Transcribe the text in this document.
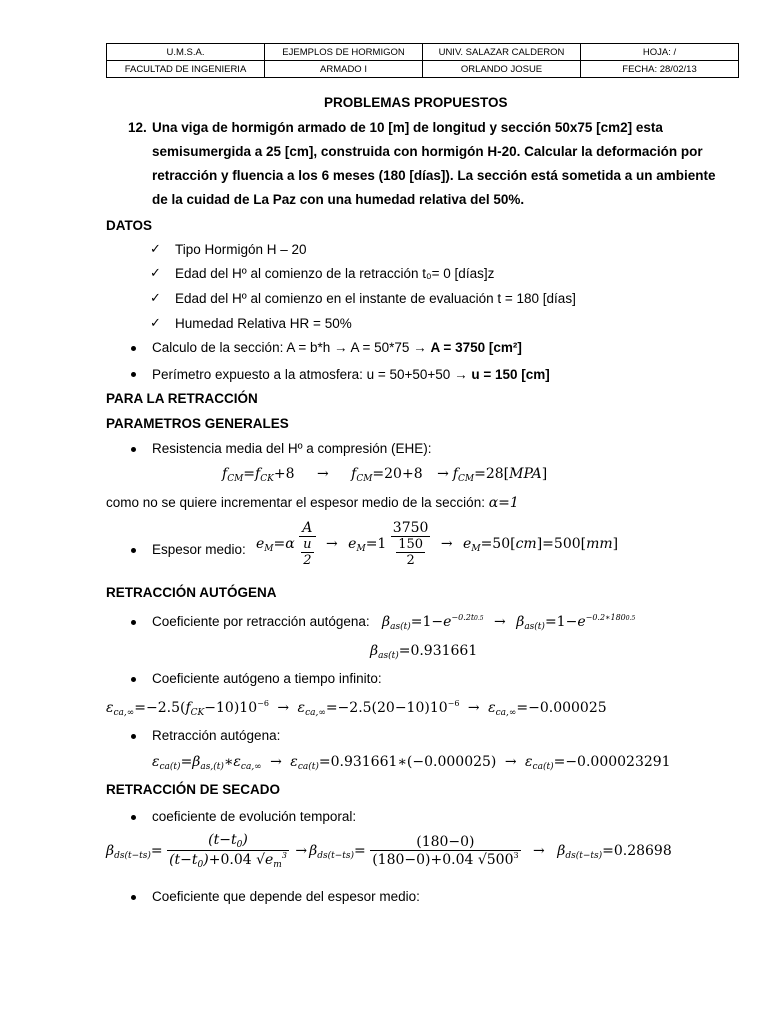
U.M.S.A.	EJEMPLOS DE HORMIGON	UNIV. SALAZAR CALDERON	HOJA: /
FACULTAD DE INGENIERIA	ARMADO I	ORLANDO JOSUE	FECHA: 28/02/13
PROBLEMAS PROPUESTOS
12. Una viga de hormigón armado de 10 [m] de longitud y sección 50x75 [cm2] esta
semisumergida a 25 [cm], construida con hormigón H-20. Calcular la deformación por
retracción y fluencia a los 6 meses (180 [días]). La sección está sometida a un ambiente
de la cuidad de La Paz con una humedad relativa del 50%.
DATOS
✓ Tipo Hormigón H – 20
✓ Edad del Hº al comienzo de la retracción t₀= 0 [días]z
✓ Edad del Hº al comienzo en el instante de evaluación t = 180 [días]
✓ Humedad Relativa HR = 50%
Calculo de la sección: A = b*h → A = 50*75 → A = 3750 [cm²]
Perímetro expuesto a la atmosfera: u = 50+50+50 → u = 150 [cm]
PARA LA RETRACCIÓN
PARAMETROS GENERALES
Resistencia media del Hº a compresión (EHE):
$f_{CM}=f_{CK}+8 \to f_{CM}=20+8 \to f_{CM}=28[MPA]$
como no se quiere incrementar el espesor medio de la sección: α=1
Espesor medio: $e_M=\alpha \frac{A}{\frac{u}{2}} \to e_M=1 \frac{3750}{\frac{150}{2}} \to e_M=50[cm]=500[mm]$
RETRACCIÓN AUTÓGENA
Coeficiente por retracción autógena: $\beta_{as(t)}=1-e^{-0.2t0.5} \to \beta_{as(t)}=1-e^{-0.2∗1800.5}$
$\beta_{as(t)}=0.931661$
Coeficiente autógeno a tiempo infinito:
$\varepsilon_{ca,\infty}=-2.5(f_{CK}-10)10^{-6} \to \varepsilon_{ca,\infty}=-2.5(20-10)10^{-6} \to \varepsilon_{ca,\infty}=-0.000025$
Retracción autógena:
$\varepsilon_{ca(t)}=\beta_{as,(t)}∗\varepsilon_{ca,\infty}$ → $\varepsilon_{ca(t)}=0.931661∗(-0.000025) \to \varepsilon_{ca(t)}=-0.000023291$
RETRACCIÓN DE SECADO
coeficiente de evolución temporal:
$\beta_{ds(t-ts)}= \frac{(t-t_0)}{(t-t_0)+0.04 √e_m^3} \to \beta_{ds(t-ts)}= \frac{(180-0)}{(180-0)+0.04 √500^3} \to \beta_{ds(t-ts)}=0.28698$
Coeficiente que depende del espesor medio:
